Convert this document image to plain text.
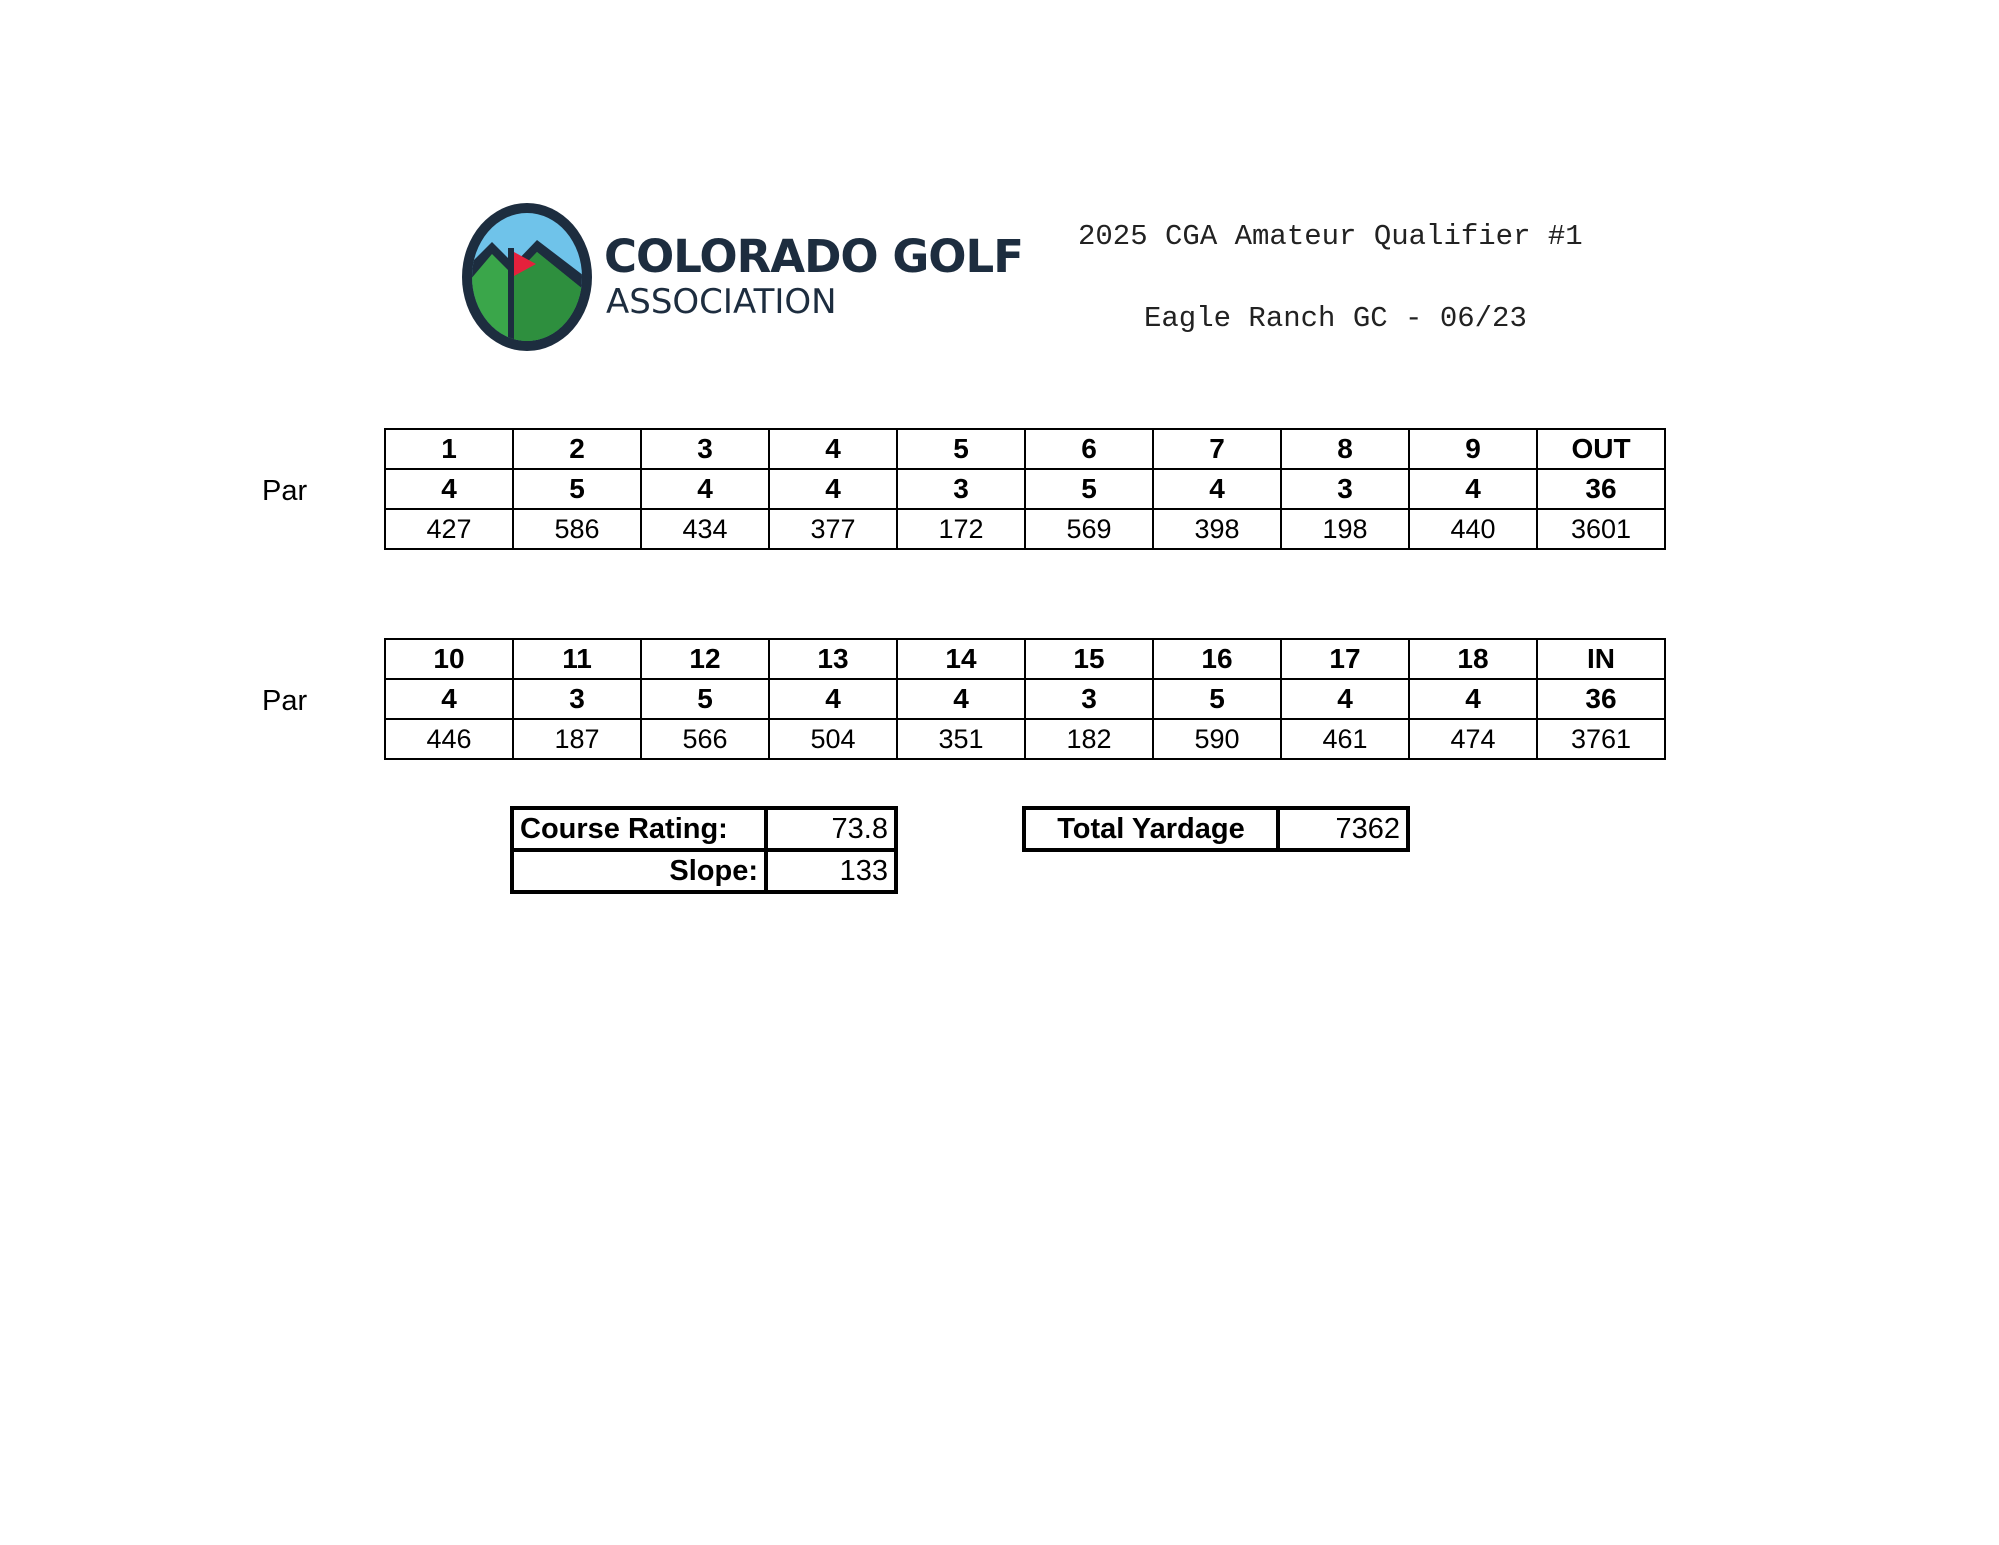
COLORADO GOLF
ASSOCIATION
2025 CGA Amateur Qualifier #1
Eagle Ranch GC - 06/23
Par
1	2	3	4	5	6	7	8	9	OUT
4	5	4	4	3	5	4	3	4	36
427	586	434	377	172	569	398	198	440	3601
Par
10	11	12	13	14	15	16	17	18	IN
4	3	5	4	4	3	5	4	4	36
446	187	566	504	351	182	590	461	474	3761
Course Rating:	73.8
Slope:	133
Total Yardage	7362
